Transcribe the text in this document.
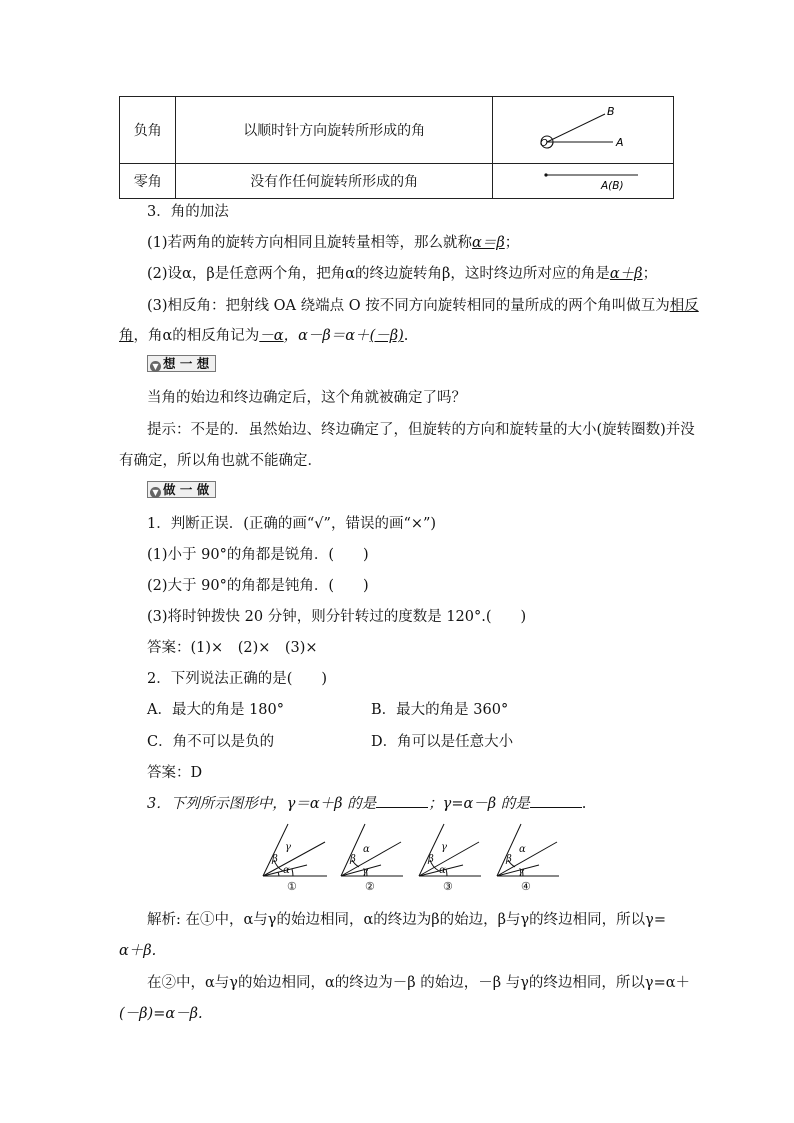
负角	以顺时针方向旋转所形成的角	B
O A

零角	没有作任何旋转所形成的角	A(B)
3．角的加法
(1)若两角的旋转方向相同且旋转量相等，那么就称α＝β；
(2)设α，β是任意两个角，把角α的终边旋转角β，这时终边所对应的角是α＋β；
(3)相反角：把射线 OA 绕端点 O 按不同方向旋转相同的量所成的两个角叫做互为相反
角，角α的相反角记为－α，α－β＝α＋(－β).
▼ 想 一 想
当角的始边和终边确定后，这个角就被确定了吗？
提示：不是的．虽然始边、终边确定了，但旋转的方向和旋转量的大小(旋转圈数)并没
有确定，所以角也就不能确定．
▼ 做 一 做
1．判断正误．(正确的画“√”，错误的画“×”)
(1)小于 90°的角都是锐角．(　　)
(2)大于 90°的角都是钝角．(　　)
(3)将时钟拨快 20 分钟，则分针转过的度数是 120°.(　　)
答案：(1)×　(2)×　(3)×
2．下列说法正确的是(　　)
A．最大的角是 180°	B．最大的角是 360°
C．角不可以是负的	D．角可以是任意大小
答案：D
3．下列所示图形中，γ＝α＋β 的是	；γ=α－β 的是	.
γ
β
α
α
β
γ
γ
β
α
α
β
γ
①	②	③	④
解析: 在①中，α与γ的始边相同，α的终边为β的始边，β与γ的终边相同，所以γ=
α＋β.
在②中，α与γ的始边相同，α的终边为－β 的始边，－β 与γ的终边相同，所以γ=α＋
(－β)=α－β.
